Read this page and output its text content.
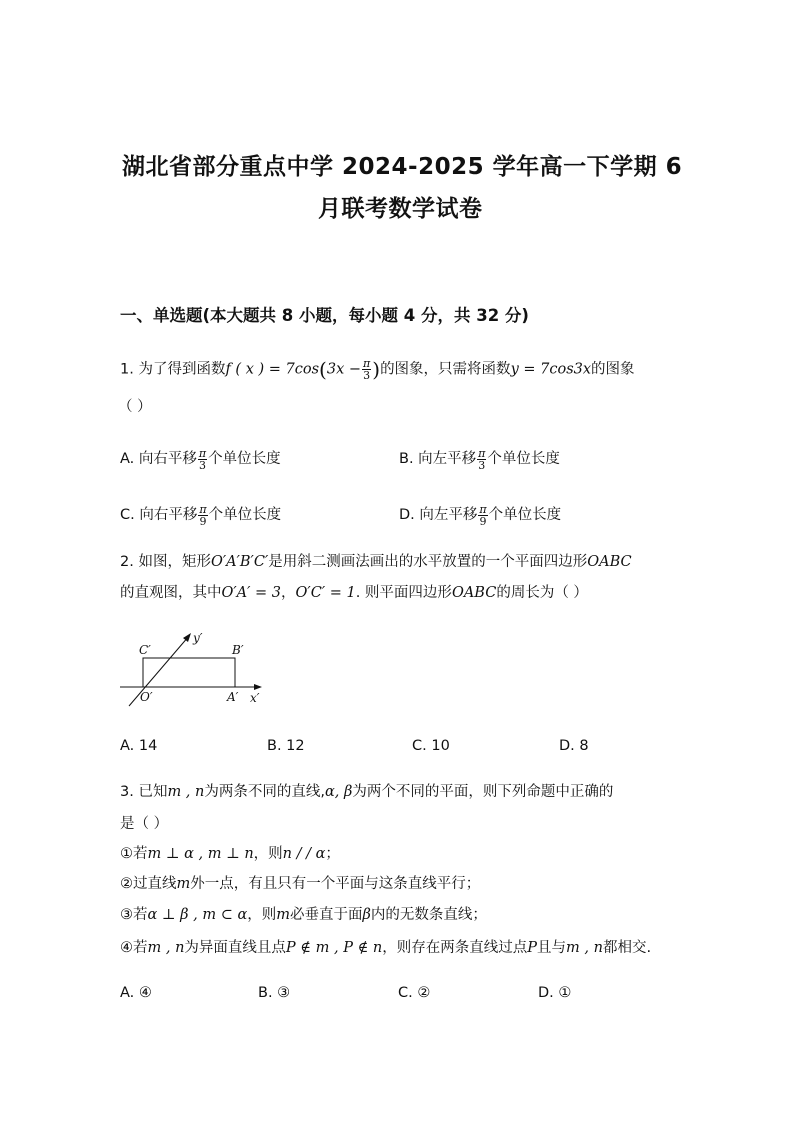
湖北省部分重点中学 2024-2025 学年高一下学期 6
月联考数学试卷
一、单选题(本大题共 8 小题，每小题 4 分，共 32 分)
1. 为了得到函数f ( x ) = $7\cos(3x - \frac{\pi}{3}$ )的图象，只需将函数y = 7cos3x的图象
（ ）
A. 向右平移 $\frac{\pi}{3}$ 个单位长度	B. 向左平移 $\frac{\pi}{3}$ 个单位长度
C. 向右平移 $\frac{\pi}{9}$ 个单位长度	D. 向左平移 $\frac{\pi}{9}$ 个单位长度
2. 如图，矩形O′A′B′C′是用斜二测画法画出的水平放置的一个平面四边形OABC
的直观图，其中O′A′ = 3，O′C′ = 1. 则平面四边形OABC的周长为（ ）
C′	B′
O′	A′ x′
y′
A. 14	B. 12	C. 10	D. 8
3. 已知m , n为两条不同的直线,α, β为两个不同的平面，则下列命题中正确的
是（ ）
①若m ⊥ α , m ⊥ n，则n / / α；
②过直线m外一点，有且只有一个平面与这条直线平行；
③若α ⊥ β , m ⊂ α，则m必垂直于面β内的无数条直线；
④若m , n为异面直线且点P ∉ m , P ∉ n，则存在两条直线过点P且与m , n都相交.
A. ④	B. ③	C. ②	D. ①
